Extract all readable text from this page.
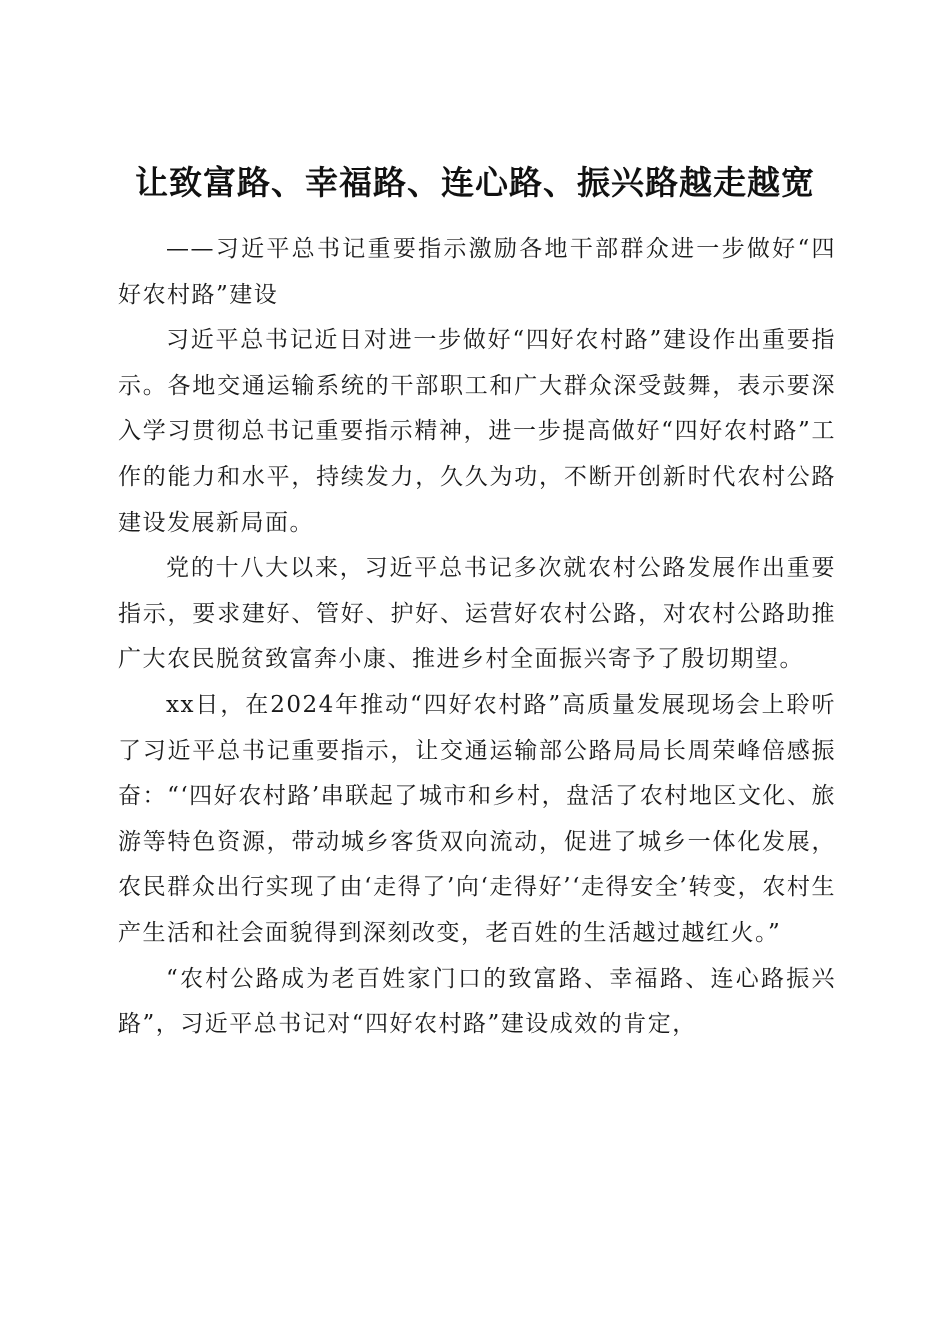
让致富路、幸福路、连心路、振兴路越走越宽

——习近平总书记重要指示激励各地干部群众进一步做好“四好农村路”建设

习近平总书记近日对进一步做好“四好农村路”建设作出重要指示。各地交通运输系统的干部职工和广大群众深受鼓舞，表示要深入学习贯彻总书记重要指示精神，进一步提高做好“四好农村路”工作的能力和水平，持续发力，久久为功，不断开创新时代农村公路建设发展新局面。

党的十八大以来，习近平总书记多次就农村公路发展作出重要指示，要求建好、管好、护好、运营好农村公路，对农村公路助推广大农民脱贫致富奔小康、推进乡村全面振兴寄予了殷切期望。

xx日，在2024年推动“四好农村路”高质量发展现场会上聆听了习近平总书记重要指示，让交通运输部公路局局长周荣峰倍感振奋：“‘四好农村路’串联起了城市和乡村，盘活了农村地区文化、旅游等特色资源，带动城乡客货双向流动，促进了城乡一体化发展，农民群众出行实现了由‘走得了’向‘走得好’‘走得安全’转变，农村生产生活和社会面貌得到深刻改变，老百姓的生活越过越红火。”

“农村公路成为老百姓家门口的致富路、幸福路、连心路振兴路”，习近平总书记对“四好农村路”建设成效的肯定，
